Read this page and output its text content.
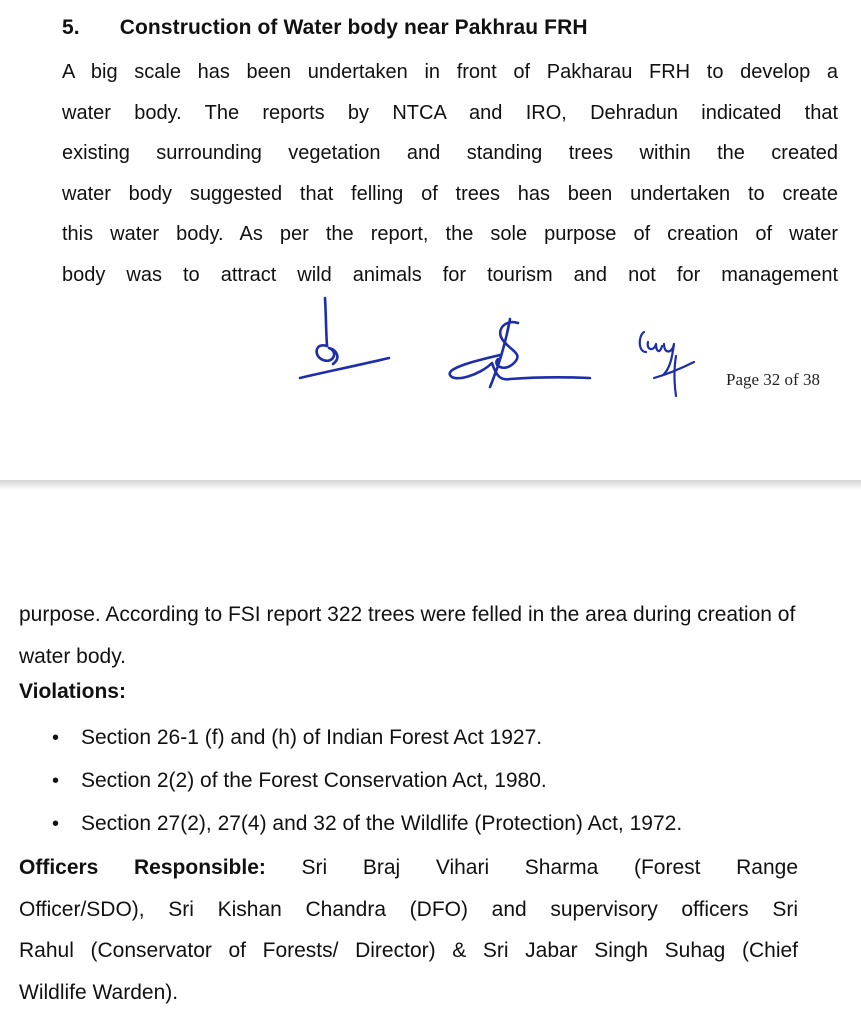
5. Construction of Water body near Pakhrau FRH
A big scale has been undertaken in front of Pakharau FRH to develop a
water body. The reports by NTCA and IRO, Dehradun indicated that
existing surrounding vegetation and standing trees within the created
water body suggested that felling of trees has been undertaken to create
this water body. As per the report, the sole purpose of creation of water
body was to attract wild animals for tourism and not for management
Page 32 of 38

purpose. According to FSI report 322 trees were felled in the area during creation of water body.

Violations:
•	Section 26-1 (f) and (h) of Indian Forest Act 1927.
•	Section 2(2) of the Forest Conservation Act, 1980.
•	Section 27(2), 27(4) and 32 of the Wildlife (Protection) Act, 1972.
Officers Responsible: Sri Braj Vihari Sharma (Forest Range
Officer/SDO), Sri Kishan Chandra (DFO) and supervisory officers Sri
Rahul (Conservator of Forests/ Director) & Sri Jabar Singh Suhag (Chief
Wildlife Warden).
